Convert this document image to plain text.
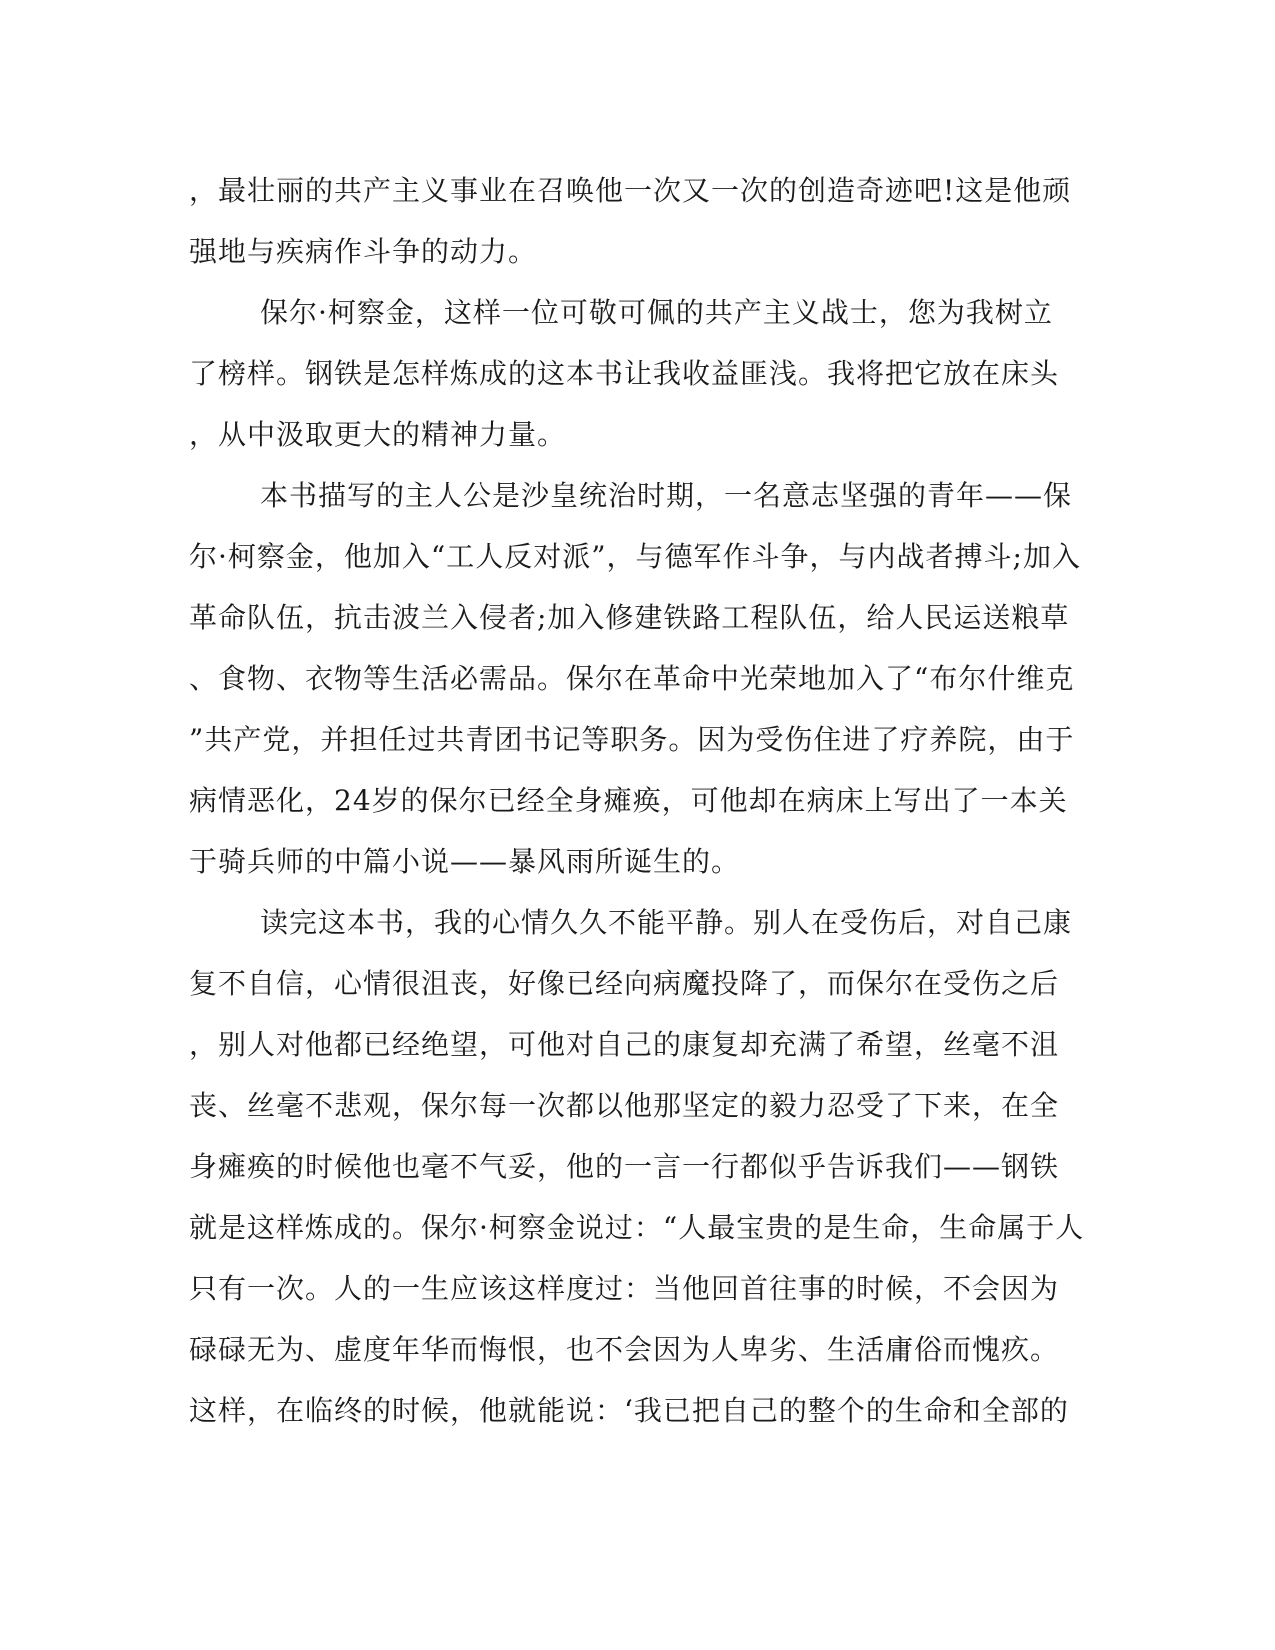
，最壮丽的共产主义事业在召唤他一次又一次的创造奇迹吧!这是他顽
强地与疾病作斗争的动力。
保尔·柯察金，这样一位可敬可佩的共产主义战士，您为我树立
了榜样。钢铁是怎样炼成的这本书让我收益匪浅。我将把它放在床头
，从中汲取更大的精神力量。
本书描写的主人公是沙皇统治时期，一名意志坚强的青年——保
尔·柯察金，他加入“工人反对派”，与德军作斗争，与内战者搏斗;加入
革命队伍，抗击波兰入侵者;加入修建铁路工程队伍，给人民运送粮草
、食物、衣物等生活必需品。保尔在革命中光荣地加入了“布尔什维克
”共产党，并担任过共青团书记等职务。因为受伤住进了疗养院，由于
病情恶化，24岁的保尔已经全身瘫痪，可他却在病床上写出了一本关
于骑兵师的中篇小说——暴风雨所诞生的。
读完这本书，我的心情久久不能平静。别人在受伤后，对自己康
复不自信，心情很沮丧，好像已经向病魔投降了，而保尔在受伤之后
，别人对他都已经绝望，可他对自己的康复却充满了希望，丝毫不沮
丧、丝毫不悲观，保尔每一次都以他那坚定的毅力忍受了下来，在全
身瘫痪的时候他也毫不气妥，他的一言一行都似乎告诉我们——钢铁
就是这样炼成的。保尔·柯察金说过：“人最宝贵的是生命，生命属于人
只有一次。人的一生应该这样度过：当他回首往事的时候，不会因为
碌碌无为、虚度年华而悔恨，也不会因为人卑劣、生活庸俗而愧疚。
这样，在临终的时候，他就能说：‘我已把自己的整个的生命和全部的
